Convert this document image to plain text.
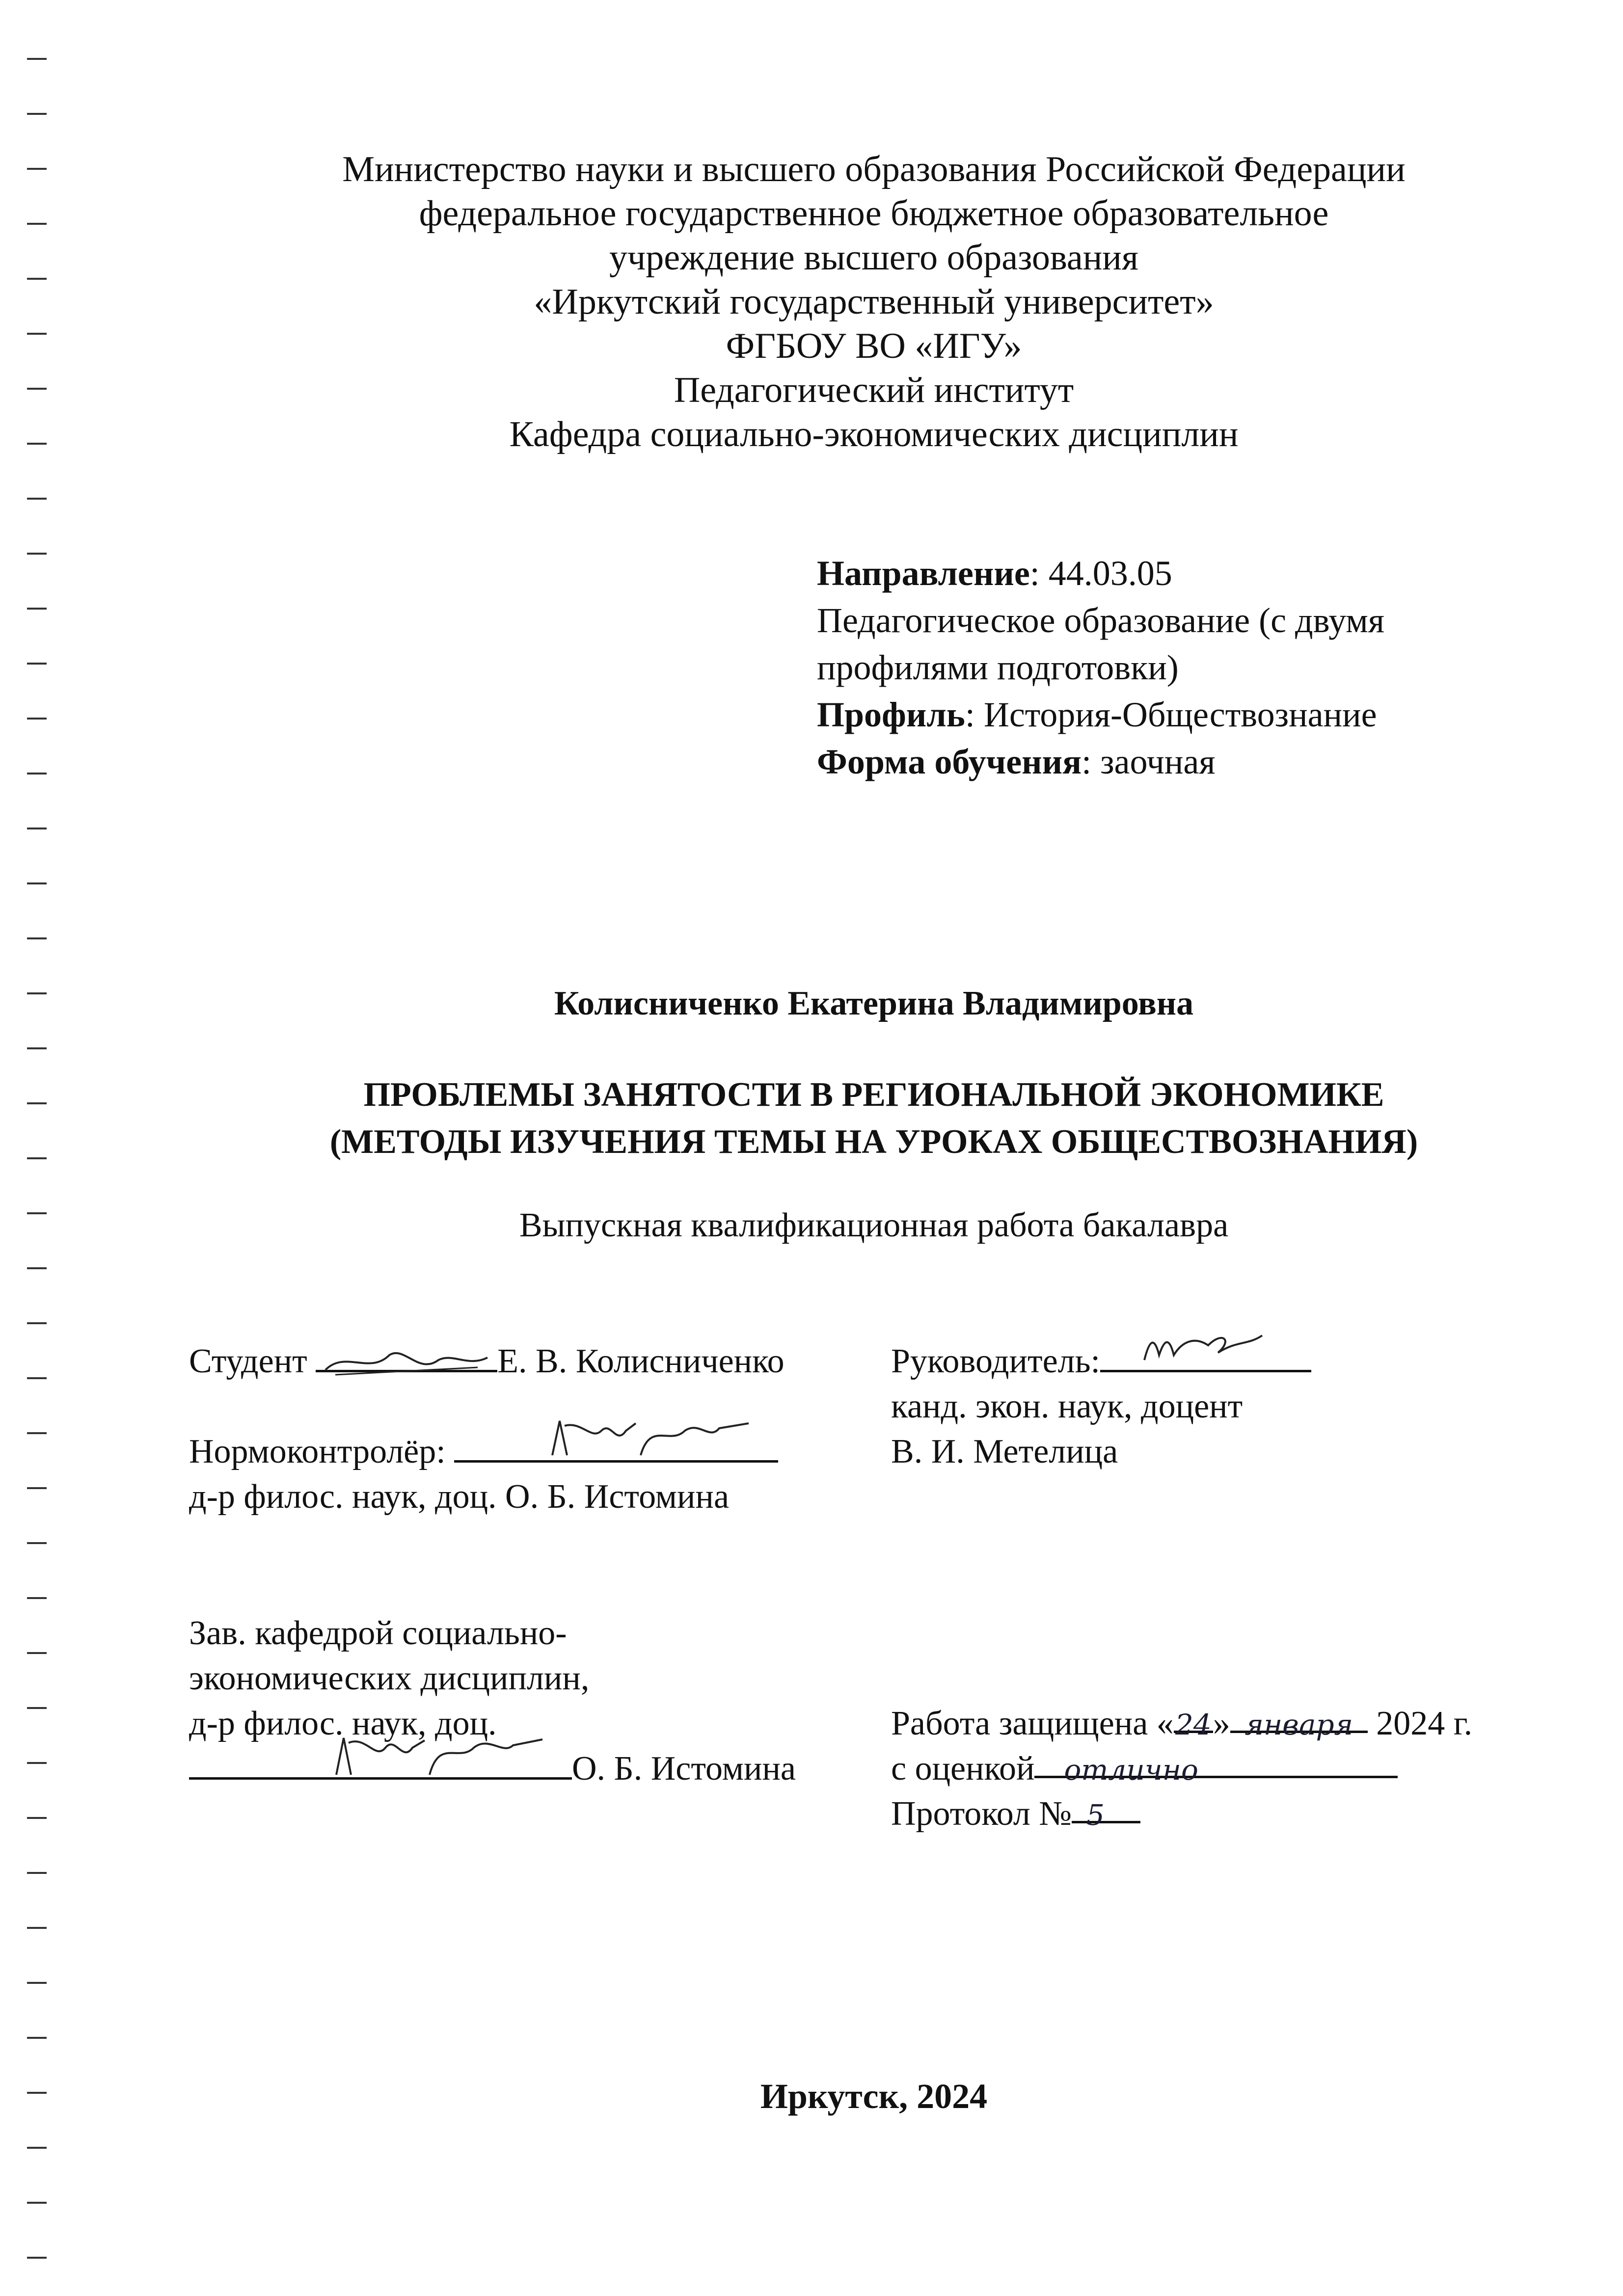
Министерство науки и высшего образования Российской Федерации
федеральное государственное бюджетное образовательное
учреждение высшего образования
«Иркутский государственный университет»
ФГБОУ ВО «ИГУ»
Педагогический институт
Кафедра социально-экономических дисциплин
Направление: 44.03.05
Педагогическое образование (с двумя
профилями подготовки)
Профиль: История-Обществознание
Форма обучения: заочная
Колисниченко Екатерина Владимировна
ПРОБЛЕМЫ ЗАНЯТОСТИ В РЕГИОНАЛЬНОЙ ЭКОНОМИКЕ
(МЕТОДЫ ИЗУЧЕНИЯ ТЕМЫ НА УРОКАХ ОБЩЕСТВОЗНАНИЯ)
Выпускная квалификационная работа бакалавра
Студент	Е. В. Колисниченко	Руководитель:
канд. экон. наук, доцент
В. И. Метелица
Нормоконтролёр:
д-р филос. наук, доц. О. Б. Истомина
Зав. кафедрой социально-
экономических дисциплин,
д-р филос. наук, доц.
О. Б. Истомина
Работа защищена «24» января 2024 г.
с оценкой отлично
Протокол № 5
Иркутск, 2024
